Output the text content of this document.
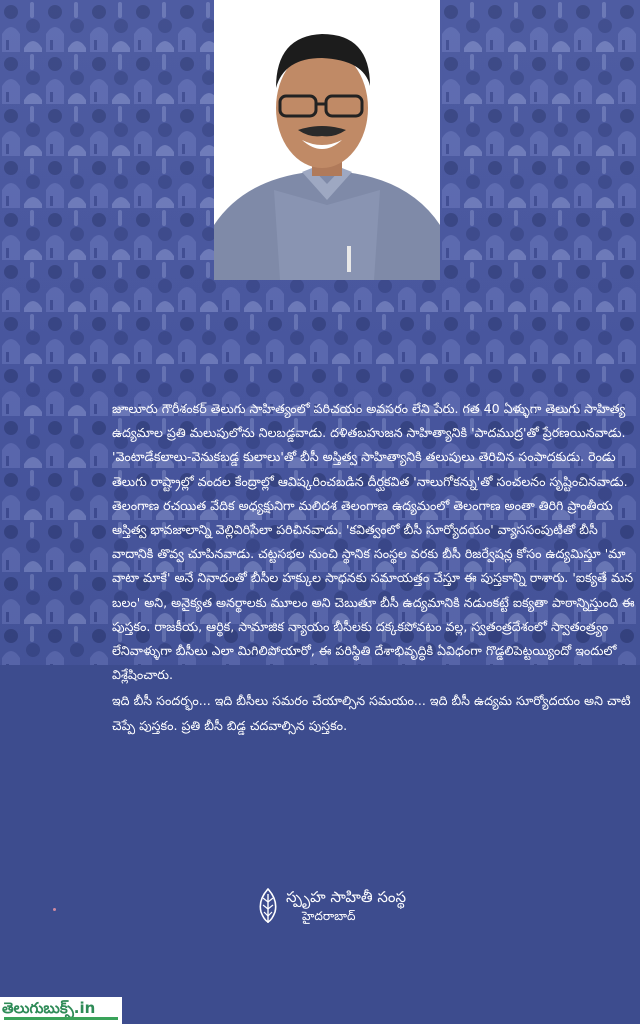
జూలూరు గౌరీశంకర్ తెలుగు సాహిత్యంలో పరిచయం అవసరం లేని పేరు. గత 40 ఏళ్ళుగా తెలుగు సాహిత్య ఉద్యమాల ప్రతి మలుపులోను నిలబడ్డవాడు. దళితబహుజన సాహిత్యానికి 'పాదముద్ర'తో ప్రేరణయినవాడు. 'వెంటాడేకలాలు-వెనుకబడ్డ కులాలు'తో బీసీ అస్తిత్వ సాహిత్యానికి తలుపులు తెరిచిన సంపాదకుడు. రెండు తెలుగు రాష్ట్రాల్లో వందల కేంద్రాల్లో ఆవిష్కరించబడిన దీర్ఘకవిత 'నాలుగోకన్ను'తో సంచలనం సృష్టించినవాడు. తెలంగాణ రచయిత వేదిక అధ్యక్షునిగా మలిదశ తెలంగాణ ఉద్యమంలో తెలంగాణ అంతా తిరిగి ప్రాంతీయ అస్తిత్వ భావజాలాన్ని వెల్లివిరిసేలా పరిచినవాడు. 'కవిత్వంలో బీసీ సూర్యోదయం' వ్యాససంపుటితో బీసీ వాదానికి తొవ్వ చూపినవాడు. చట్టసభల నుంచి స్థానిక సంస్థల వరకు బీసీ రిజర్వేషన్ల కోసం ఉద్యమిస్తూ 'మా వాటా మాకే' అనే నినాదంతో బీసీల హక్కుల సాధనకు సమాయత్తం చేస్తూ ఈ పుస్తకాన్ని రాశారు. 'ఐక్యతే మన బలం' అని, అనైక్యత అనర్థాలకు మూలం అని చెబుతూ బీసీ ఉద్యమానికి నడుంకట్టే ఐక్యతా పాఠాన్నిస్తుంది ఈ పుస్తకం. రాజకీయ, ఆర్థిక, సామాజిక న్యాయం బీసీలకు దక్కకపోవటం వల్ల, స్వతంత్రదేశంలో స్వాతంత్ర్యం లేనివాళ్ళుగా బీసీలు ఎలా మిగిలిపోయారో, ఈ పరిస్థితి దేశాభివృద్ధికి ఏవిధంగా గొడ్డలిపెట్టయ్యిందో ఇందులో విశ్లేషించారు.

ఇది బీసీ సందర్భం... ఇది బీసీలు సమరం చేయాల్సిన సమయం... ఇది బీసీ ఉద్యమ సూర్యోదయం అని చాటి చెప్పే పుస్తకం. ప్రతి బీసీ బిడ్డ చదవాల్సిన పుస్తకం.

స్పృహ సాహితీ సంస్థ
హైదరాబాద్
తెలుగుబుక్స్.in
